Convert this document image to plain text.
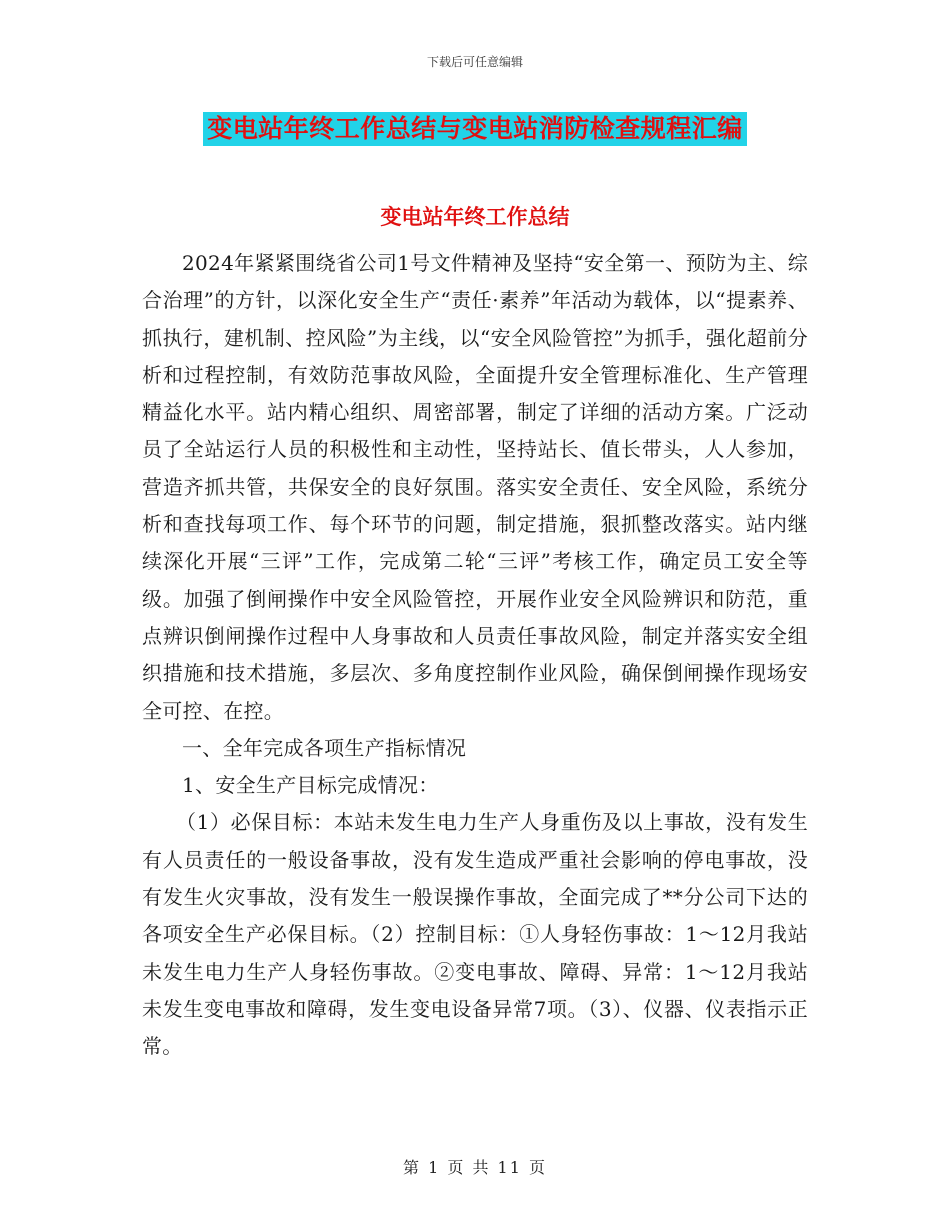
下载后可任意编辑
变电站年终工作总结与变电站消防检查规程汇编
变电站年终工作总结

2024年紧紧围绕省公司1号文件精神及坚持“安全第一、预防为主、综合治理”的方针，以深化安全生产“责任·素养”年活动为载体，以“提素养、抓执行，建机制、控风险”为主线，以“安全风险管控”为抓手，强化超前分析和过程控制，有效防范事故风险，全面提升安全管理标准化、生产管理精益化水平。站内精心组织、周密部署，制定了详细的活动方案。广泛动员了全站运行人员的积极性和主动性，坚持站长、值长带头，人人参加，营造齐抓共管，共保安全的良好氛围。落实安全责任、安全风险，系统分析和查找每项工作、每个环节的问题，制定措施，狠抓整改落实。站内继续深化开展“三评”工作，完成第二轮“三评”考核工作，确定员工安全等级。加强了倒闸操作中安全风险管控，开展作业安全风险辨识和防范，重点辨识倒闸操作过程中人身事故和人员责任事故风险，制定并落实安全组织措施和技术措施，多层次、多角度控制作业风险，确保倒闸操作现场安全可控、在控。

一、全年完成各项生产指标情况

1、安全生产目标完成情况：

（1）必保目标：本站未发生电力生产人身重伤及以上事故，没有发生有人员责任的一般设备事故，没有发生造成严重社会影响的停电事故，没有发生火灾事故，没有发生一般误操作事故，全面完成了**分公司下达的各项安全生产必保目标。（2）控制目标：①人身轻伤事故：1～12月我站未发生电力生产人身轻伤事故。②变电事故、障碍、异常：1～12月我站未发生变电事故和障碍，发生变电设备异常7项。（3）、仪器、仪表指示正常。

第 1 页 共 11 页
